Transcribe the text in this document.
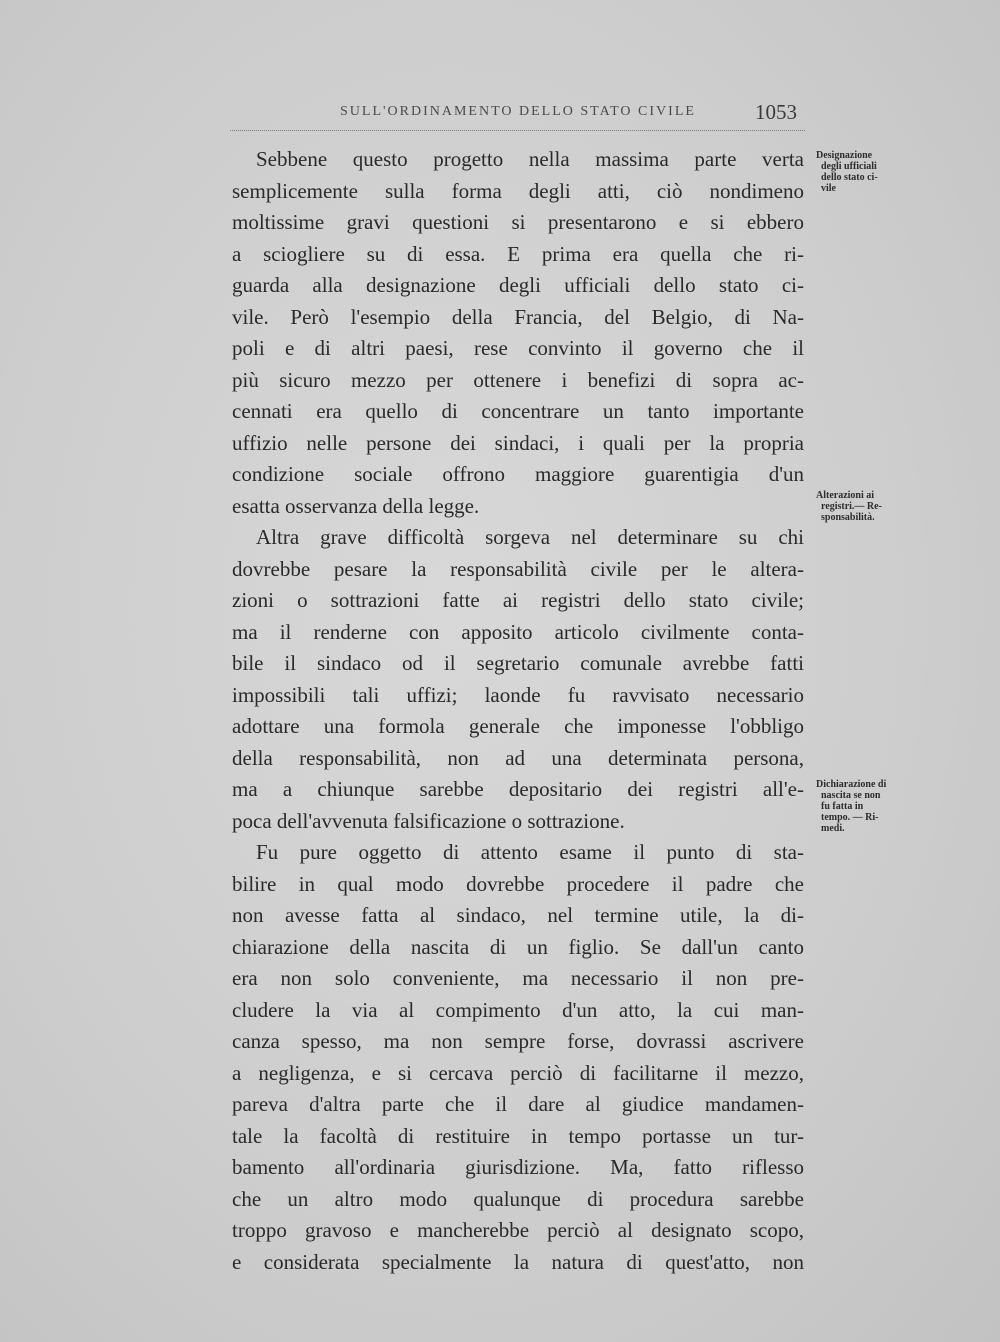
SULL'ORDINAMENTO DELLO STATO CIVILE	1053
Sebbene questo progetto nella massima parte verta
semplicemente sulla forma degli atti, ciò nondimeno
moltissime gravi questioni si presentarono e si ebbero
a sciogliere su di essa. E prima era quella che ri-
guarda alla designazione degli ufficiali dello stato ci-
vile. Però l'esempio della Francia, del Belgio, di Na-
poli e di altri paesi, rese convinto il governo che il
più sicuro mezzo per ottenere i benefizi di sopra ac-
cennati era quello di concentrare un tanto importante
uffizio nelle persone dei sindaci, i quali per la propria
condizione sociale offrono maggiore guarentigia d'un
esatta osservanza della legge.
Altra grave difficoltà sorgeva nel determinare su chi
dovrebbe pesare la responsabilità civile per le altera-
zioni o sottrazioni fatte ai registri dello stato civile;
ma il renderne con apposito articolo civilmente conta-
bile il sindaco od il segretario comunale avrebbe fatti
impossibili tali uffizi; laonde fu ravvisato necessario
adottare una formola generale che imponesse l'obbligo
della responsabilità, non ad una determinata persona,
ma a chiunque sarebbe depositario dei registri all'e-
poca dell'avvenuta falsificazione o sottrazione.
Fu pure oggetto di attento esame il punto di sta-
bilire in qual modo dovrebbe procedere il padre che
non avesse fatta al sindaco, nel termine utile, la di-
chiarazione della nascita di un figlio. Se dall'un canto
era non solo conveniente, ma necessario il non pre-
cludere la via al compimento d'un atto, la cui man-
canza spesso, ma non sempre forse, dovrassi ascrivere
a negligenza, e si cercava perciò di facilitarne il mezzo,
pareva d'altra parte che il dare al giudice mandamen-
tale la facoltà di restituire in tempo portasse un tur-
bamento all'ordinaria giurisdizione. Ma, fatto riflesso
che un altro modo qualunque di procedura sarebbe
troppo gravoso e mancherebbe perciò al designato scopo,
e considerata specialmente la natura di quest'atto, non
Designazione
degli ufficiali
dello stato ci-
vile
Alterazioni ai
registri.— Re-
sponsabilità.
Dichiarazione di
nascita se non
fu fatta in
tempo. — Ri-
medi.
